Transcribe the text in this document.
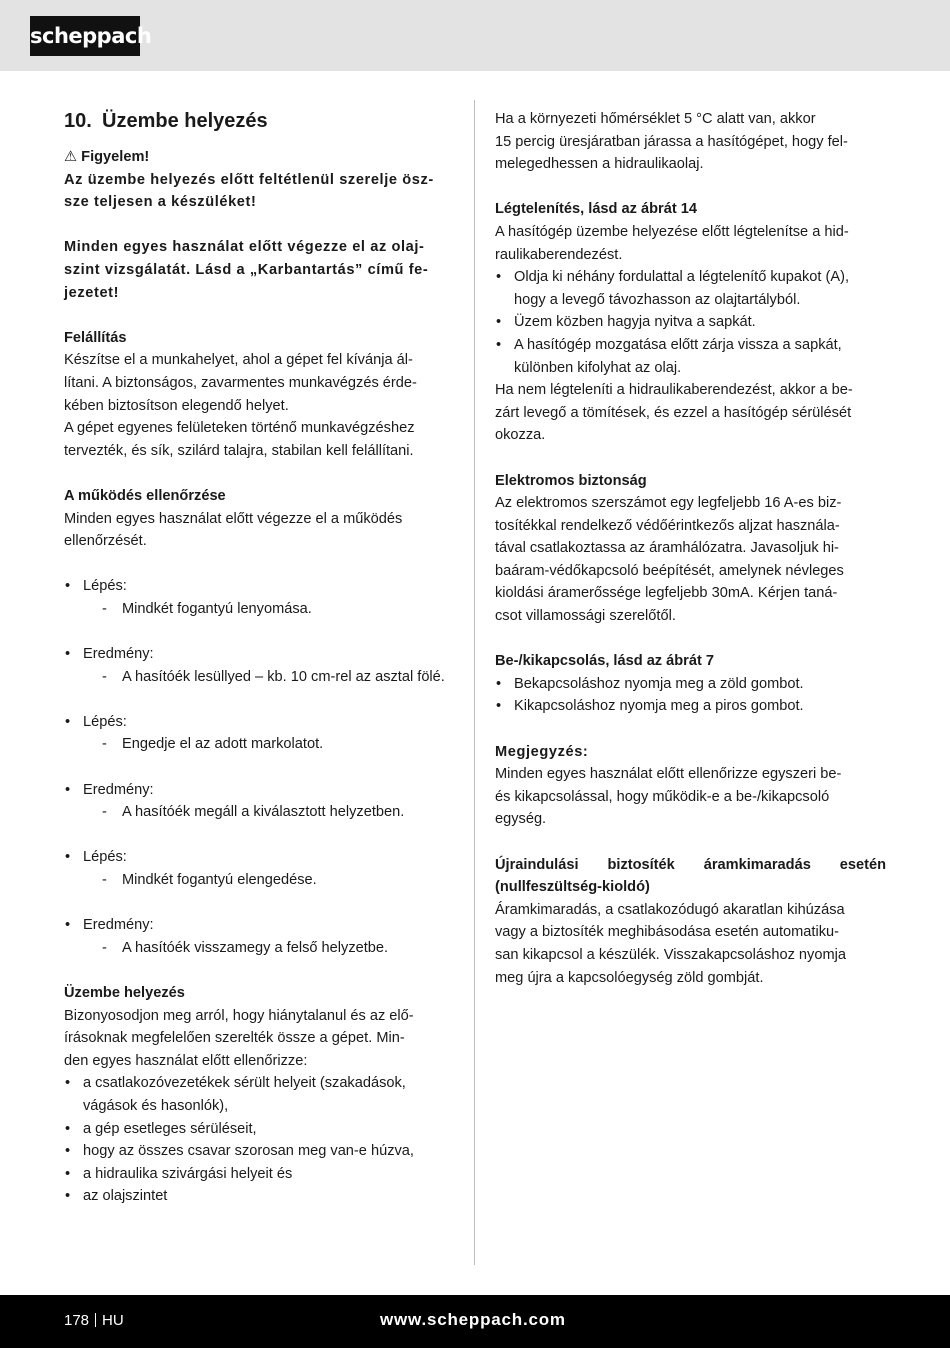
scheppach
10. Üzembe helyezés

⚠ Figyelem!

Az üzembe helyezés előtt feltétlenül szerelje ösz-
sze teljesen a készüléket!

Minden egyes használat előtt végezze el az olaj-
szint vizsgálatát. Lásd a „Karbantartás” című fe-
jezetet!

Felállítás

Készítse el a munkahelyet, ahol a gépet fel kívánja ál-
lítani. A biztonságos, zavarmentes munkavégzés érde-
kében biztosítson elegendő helyet.
A gépet egyenes felületeken történő munkavégzéshez
tervezték, és sík, szilárd talajra, stabilan kell felállítani.

A működés ellenőrzése

Minden egyes használat előtt végezze el a működés
ellenőrzését.

• Lépés:
- Mindkét fogantyú lenyomása.
• Eredmény:
- A hasítóék lesüllyed – kb. 10 cm-rel az asztal fölé.
• Lépés:
- Engedje el az adott markolatot.
• Eredmény:
- A hasítóék megáll a kiválasztott helyzetben.
• Lépés:
- Mindkét fogantyú elengedése.
• Eredmény:
- A hasítóék visszamegy a felső helyzetbe.

Üzembe helyezés

Bizonyosodjon meg arról, hogy hiánytalanul és az elő-
írásoknak megfelelően szerelték össze a gépet. Min-
den egyes használat előtt ellenőrizze:

• a csatlakozóvezetékek sérült helyeit (szakadások,
vágások és hasonlók),
• a gép esetleges sérüléseit,
• hogy az összes csavar szorosan meg van-e húzva,
• a hidraulika szivárgási helyeit és
• az olajszintet

Ha a környezeti hőmérséklet 5 °C alatt van, akkor
15 percig üresjáratban járassa a hasítógépet, hogy fel-
melegedhessen a hidraulikaolaj.

Légtelenítés, lásd az ábrát 14

A hasítógép üzembe helyezése előtt légtelenítse a hid-
raulikaberendezést.

• Oldja ki néhány fordulattal a légtelenítő kupakot (A),
hogy a levegő távozhasson az olajtartályból.
• Üzem közben hagyja nyitva a sapkát.
• A hasítógép mozgatása előtt zárja vissza a sapkát,
különben kifolyhat az olaj.

Ha nem légteleníti a hidraulikaberendezést, akkor a be-
zárt levegő a tömítések, és ezzel a hasítógép sérülését
okozza.

Elektromos biztonság

Az elektromos szerszámot egy legfeljebb 16 A-es biz-
tosítékkal rendelkező védőérintkezős aljzat használa-
tával csatlakoztassa az áramhálózatra. Javasoljuk hi-
baáram-védőkapcsoló beépítését, amelynek névleges
kioldási áramerőssége legfeljebb 30mA. Kérjen taná-
csot villamossági szerelőtől.

Be-/kikapcsolás, lásd az ábrát 7

• Bekapcsoláshoz nyomja meg a zöld gombot.
• Kikapcsoláshoz nyomja meg a piros gombot.

Megjegyzés:

Minden egyes használat előtt ellenőrizze egyszeri be-
és kikapcsolással, hogy működik-e a be-/kikapcsoló
egység.

Újraindulási biztosíték áramkimaradás esetén
(nullfeszültség-kioldó)

Áramkimaradás, a csatlakozódugó akaratlan kihúzása
vagy a biztosíték meghibásodása esetén automatiku-
san kikapcsol a készülék. Visszakapcsoláshoz nyomja
meg újra a kapcsolóegység zöld gombját.

178 HU	www.scheppach.com
